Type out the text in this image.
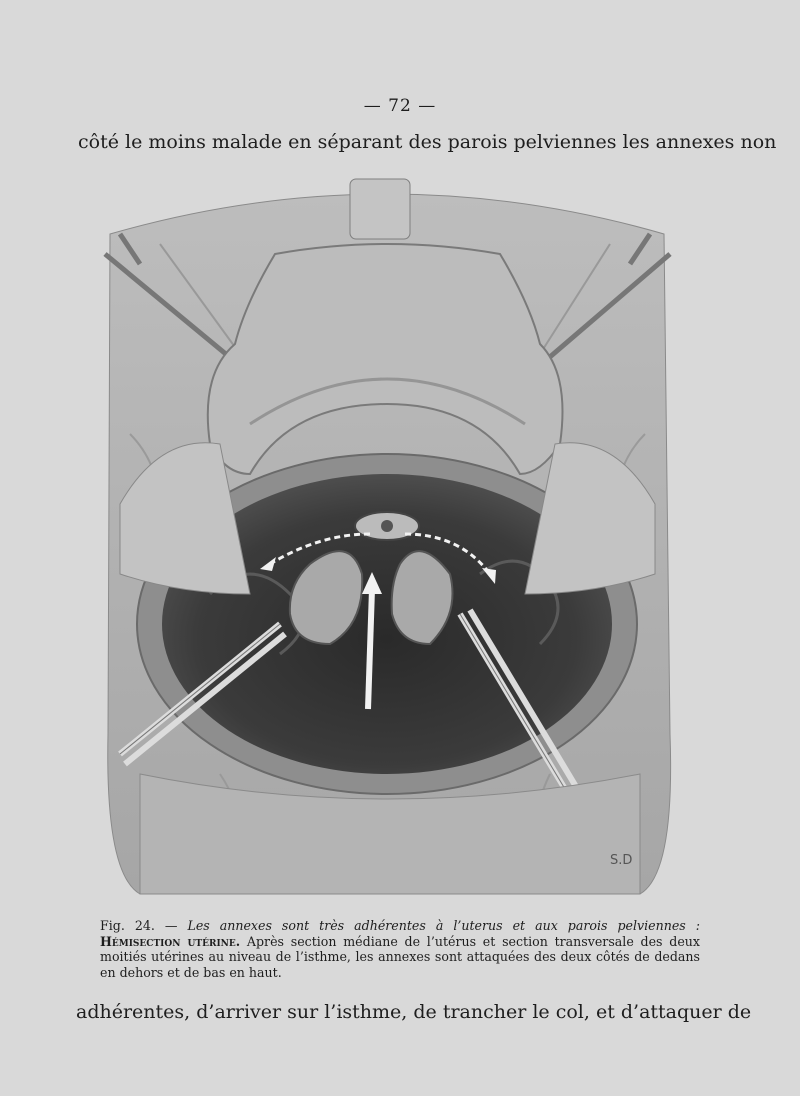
— 72 —
côté le moins malade en séparant des parois pelviennes les annexes non
S.D
Fig. 24. — Les annexes sont très adhérentes à l’uterus et aux parois pelviennes : Hémisection utérine. Après section médiane de l’utérus et section transversale des deux moitiés utérines au niveau de l’isthme, les annexes sont attaquées des deux côtés de dedans en dehors et de bas en haut.
adhérentes, d’arriver sur l’isthme, de trancher le col, et d’attaquer de
